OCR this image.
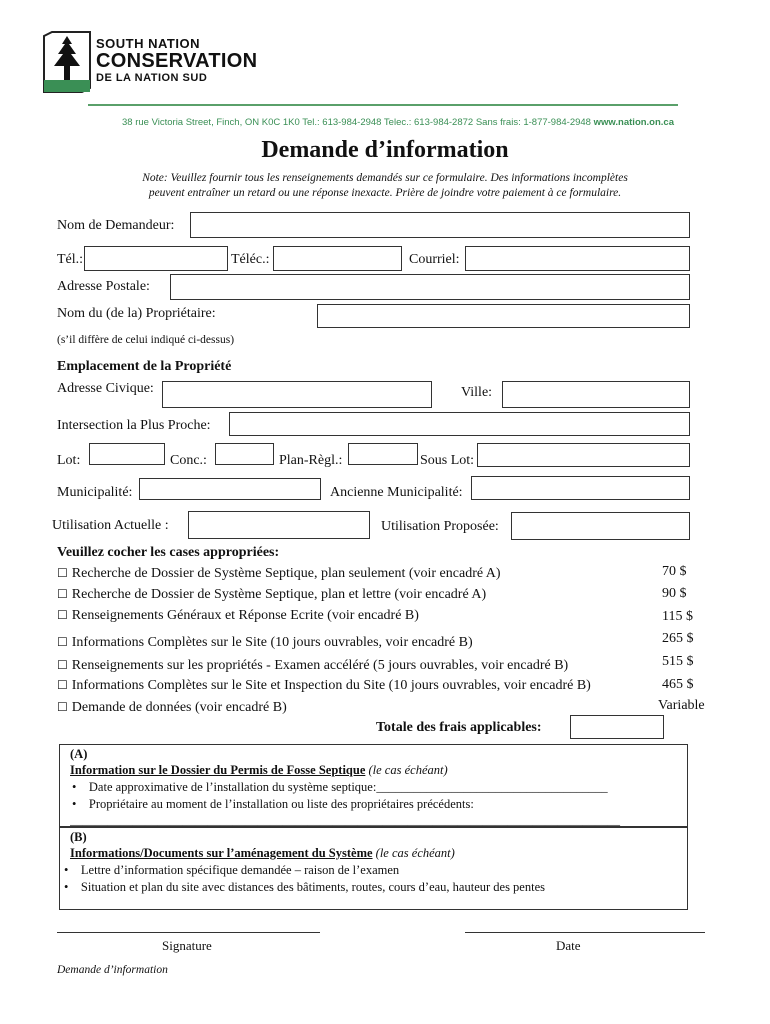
SOUTH NATION
CONSERVATION
DE LA NATION SUD
38 rue Victoria Street, Finch, ON K0C 1K0 Tel.: 613-984-2948 Telec.: 613-984-2872 Sans frais: 1-877-984-2948 www.nation.on.ca
Demande d’information
Note: Veuillez fournir tous les renseignements demandés sur ce formulaire. Des informations incomplètes
peuvent entraîner un retard ou une réponse inexacte. Prière de joindre votre paiement à ce formulaire.
Nom de Demandeur:
Tél.:	Téléc.:	Courriel:
Adresse Postale:
Nom du (de la) Propriétaire:
(s’il diffère de celui indiqué ci-dessus)
Emplacement de la Propriété
Adresse Civique:	Ville:
Intersection la Plus Proche:
Lot:	Conc.:	Plan-Règl.:	Sous Lot:
Municipalité:	Ancienne Municipalité:
Utilisation Actuelle :	Utilisation Proposée:
Veuillez cocher les cases appropriées:
☐ Recherche de Dossier de Système Septique, plan seulement (voir encadré A)	70 $
☐ Recherche de Dossier de Système Septique, plan et lettre (voir encadré A)	90 $
☐ Renseignements Généraux et Réponse Ecrite (voir encadré B)	115 $
☐ Informations Complètes sur le Site (10 jours ouvrables, voir encadré B)	265 $
☐ Renseignements sur les propriétés - Examen accéléré (5 jours ouvrables, voir encadré B)	515 $
☐ Informations Complètes sur le Site et Inspection du Site (10 jours ouvrables, voir encadré B)	465 $
☐ Demande de données (voir encadré B)	Variable
Totale des frais applicables:
(A)
Information sur le Dossier du Permis de Fosse Septique (le cas échéant)
•    Date approximative de l’installation du système septique:_____________________________________
•    Propriétaire au moment de l’installation ou liste des propriétaires précédents:
________________________________________________________________________________________
(B)
Informations/Documents sur l’aménagement du Système (le cas échéant)
•    Lettre d’information spécifique demandée – raison de l’examen
•    Situation et plan du site avec distances des bâtiments, routes, cours d’eau, hauteur des pentes
Signature	Date
Demande d’information
